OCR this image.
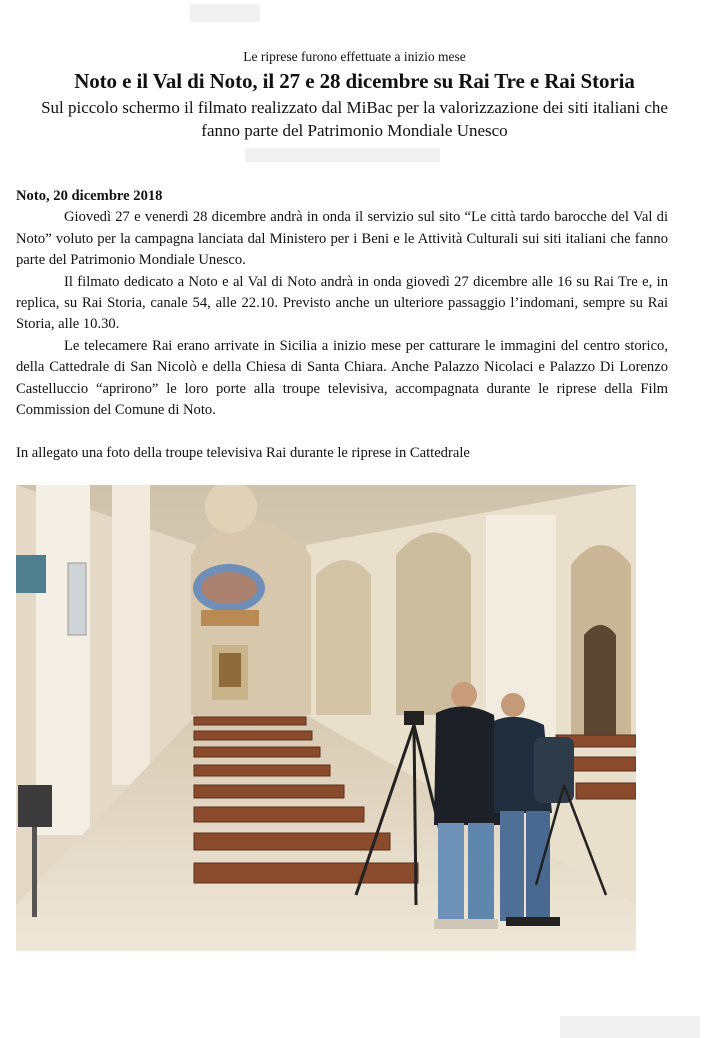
Le riprese furono effettuate a inizio mese
Noto e il Val di Noto, il 27 e 28 dicembre su Rai Tre e Rai Storia
Sul piccolo schermo il filmato realizzato dal MiBac per la valorizzazione dei siti italiani che fanno parte del Patrimonio Mondiale Unesco

Noto, 20 dicembre 2018

Giovedì 27 e venerdì 28 dicembre andrà in onda il servizio sul sito “Le città tardo barocche del Val di Noto” voluto per la campagna lanciata dal Ministero per i Beni e le Attività Culturali sui siti italiani che fanno parte del Patrimonio Mondiale Unesco.

Il filmato dedicato a Noto e al Val di Noto andrà in onda giovedì 27 dicembre alle 16 su Rai Tre e, in replica, su Rai Storia, canale 54, alle 22.10. Previsto anche un ulteriore passaggio l’indomani, sempre su Rai Storia, alle 10.30.

Le telecamere Rai erano arrivate in Sicilia a inizio mese per catturare le immagini del centro storico, della Cattedrale di San Nicolò e della Chiesa di Santa Chiara. Anche Palazzo Nicolaci e Palazzo Di Lorenzo Castelluccio “aprirono” le loro porte alla troupe televisiva, accompagnata durante le riprese della Film Commission del Comune di Noto.

In allegato una foto della troupe televisiva Rai durante le riprese in Cattedrale
